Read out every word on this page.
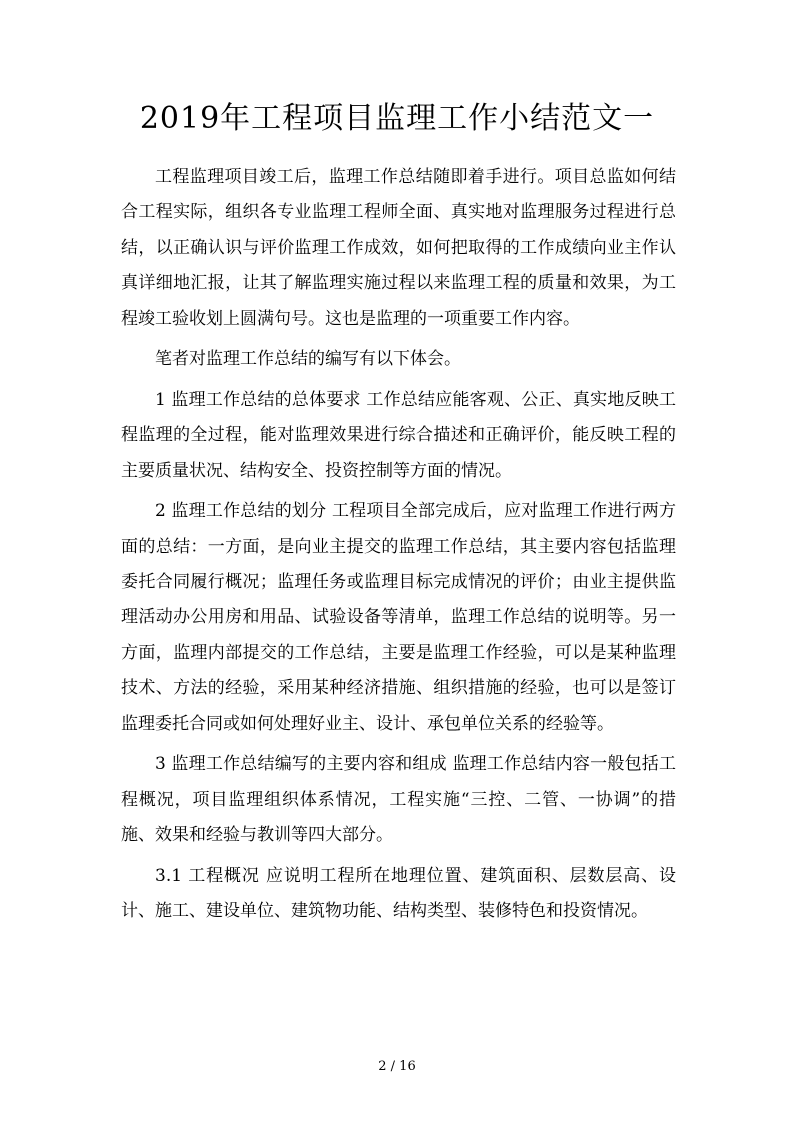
2019年工程项目监理工作小结范文一

工程监理项目竣工后，监理工作总结随即着手进行。项目总监如何结合工程实际，组织各专业监理工程师全面、真实地对监理服务过程进行总结，以正确认识与评价监理工作成效，如何把取得的工作成绩向业主作认真详细地汇报，让其了解监理实施过程以来监理工程的质量和效果，为工程竣工验收划上圆满句号。这也是监理的一项重要工作内容。

笔者对监理工作总结的编写有以下体会。

1 监理工作总结的总体要求 工作总结应能客观、公正、真实地反映工程监理的全过程，能对监理效果进行综合描述和正确评价，能反映工程的主要质量状况、结构安全、投资控制等方面的情况。

2 监理工作总结的划分 工程项目全部完成后，应对监理工作进行两方面的总结：一方面，是向业主提交的监理工作总结，其主要内容包括监理委托合同履行概况；监理任务或监理目标完成情况的评价；由业主提供监理活动办公用房和用品、试验设备等清单，监理工作总结的说明等。另一方面，监理内部提交的工作总结，主要是监理工作经验，可以是某种监理技术、方法的经验，采用某种经济措施、组织措施的经验，也可以是签订监理委托合同或如何处理好业主、设计、承包单位关系的经验等。

3 监理工作总结编写的主要内容和组成 监理工作总结内容一般包括工程概况，项目监理组织体系情况，工程实施“三控、二管、一协调”的措施、效果和经验与教训等四大部分。

3.1 工程概况 应说明工程所在地理位置、建筑面积、层数层高、设计、施工、建设单位、建筑物功能、结构类型、装修特色和投资情况。

2 / 16
